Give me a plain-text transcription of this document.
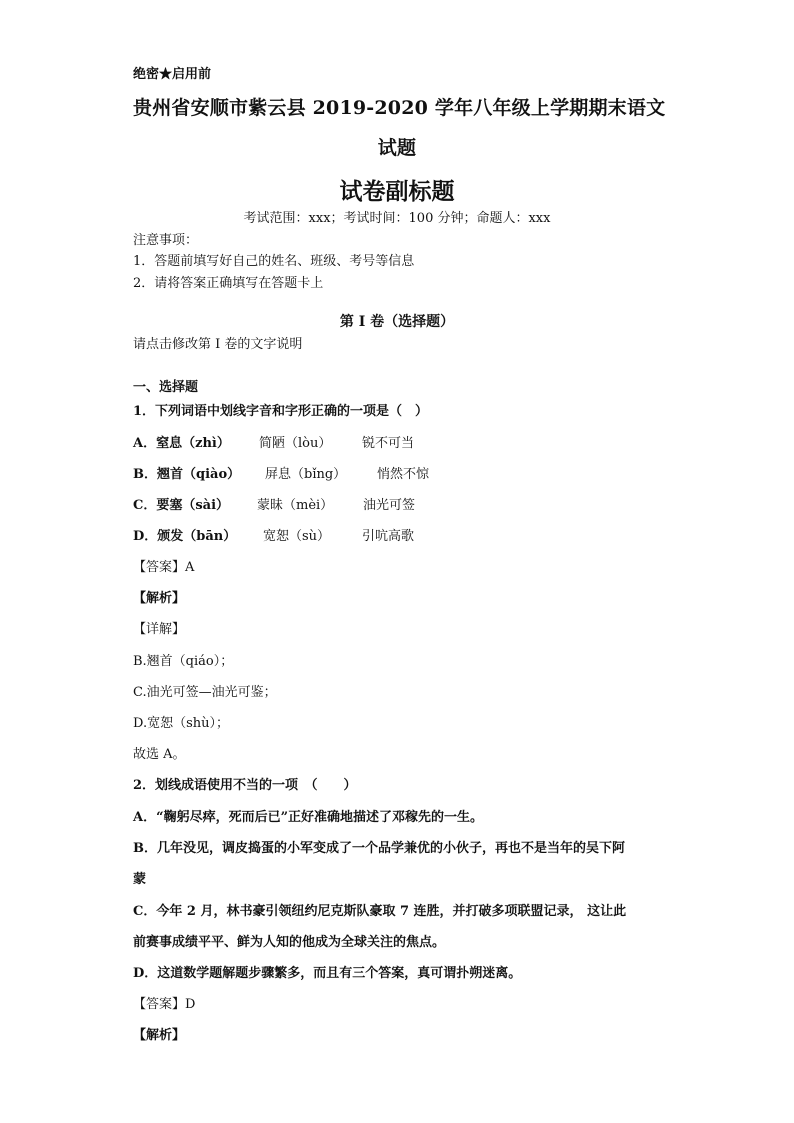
绝密★启用前
贵州省安顺市紫云县 2019-2020 学年八年级上学期期末语文
试题
试卷副标题
考试范围：xxx；考试时间：100 分钟；命题人：xxx
注意事项：
1．答题前填写好自己的姓名、班级、考号等信息
2．请将答案正确填写在答题卡上
第 I 卷（选择题）
请点击修改第 I 卷的文字说明
一、选择题
1．下列词语中划线字音和字形正确的一项是（　）
A．窒息（zhì） 简陋（lòu） 锐不可当
B．翘首（qiào） 屏息（bǐng） 悄然不惊
C．要塞（sài） 蒙昧（mèi） 油光可签
D．颁发（bān） 宽恕（sù） 引吭高歌
【答案】A
【解析】
【详解】
B.翘首（qiáo）；
C.油光可签—油光可鉴；
D.宽恕（shù）；
故选 A。
2．划线成语使用不当的一项　（　　）
A．“鞠躬尽瘁，死而后已”正好准确地描述了邓稼先的一生。
B．几年没见，调皮捣蛋的小军变成了一个品学兼优的小伙子，再也不是当年的吴下阿
蒙
C．今年 2 月，林书豪引领纽约尼克斯队豪取 7 连胜，并打破多项联盟记录， 这让此
前赛事成绩平平、鲜为人知的他成为全球关注的焦点。
D．这道数学题解题步骤繁多，而且有三个答案，真可谓扑朔迷离。
【答案】D
【解析】
